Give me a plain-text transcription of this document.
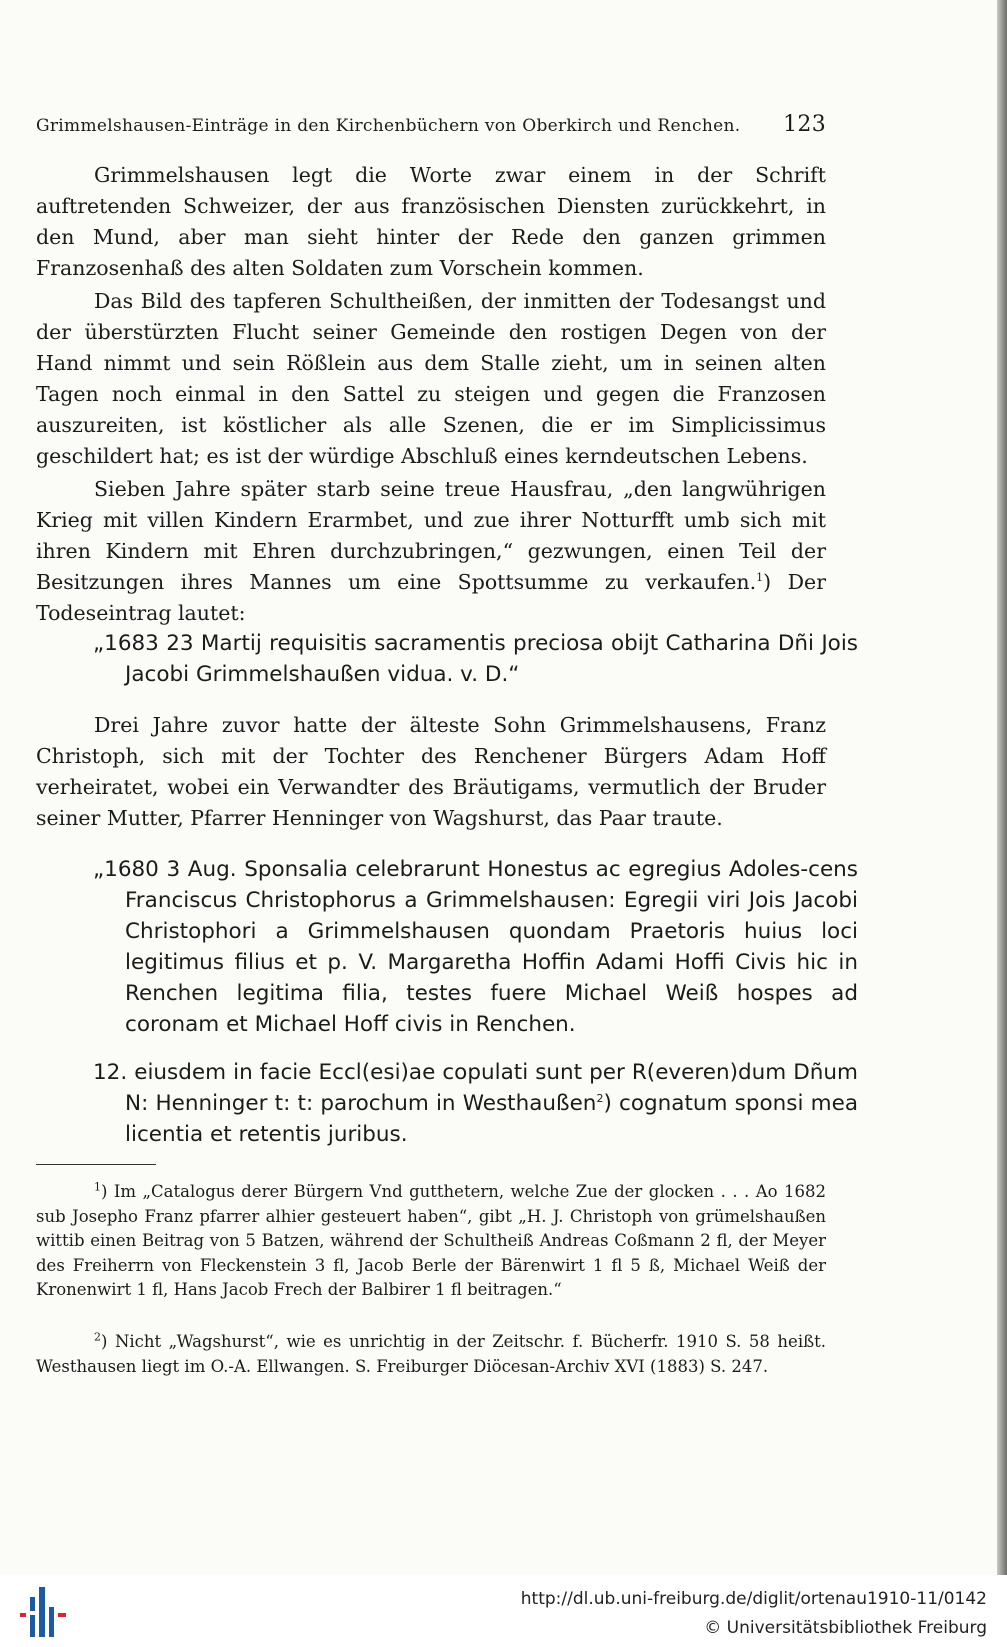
Grimmelshausen-Einträge in den Kirchenbüchern von Oberkirch und Renchen. 123

Grimmelshausen legt die Worte zwar einem in der Schrift auftretenden Schweizer, der aus französischen Diensten zurückkehrt, in den Mund, aber man sieht hinter der Rede den ganzen grimmen Franzosenhaß des alten Soldaten zum Vorschein kommen.

Das Bild des tapferen Schultheißen, der inmitten der Todesangst und der überstürzten Flucht seiner Gemeinde den rostigen Degen von der Hand nimmt und sein Rößlein aus dem Stalle zieht, um in seinen alten Tagen noch einmal in den Sattel zu steigen und gegen die Franzosen auszureiten, ist köstlicher als alle Szenen, die er im Simplicissimus geschildert hat; es ist der würdige Abschluß eines kerndeutschen Lebens.

Sieben Jahre später starb seine treue Hausfrau, „den langwührigen Krieg mit villen Kindern Erarmbet, und zue ihrer Notturfft umb sich mit ihren Kindern mit Ehren durchzubringen,“ gezwungen, einen Teil der Besitzungen ihres Mannes um eine Spottsumme zu verkaufen.$^1$) Der Todeseintrag lautet:

„1683 23 Martij requisitis sacramentis preciosa obijt Catharina Dñi Jois Jacobi Grimmelshaußen vidua. v. D.“

Drei Jahre zuvor hatte der älteste Sohn Grimmelshausens, Franz Christoph, sich mit der Tochter des Renchener Bürgers Adam Hoff verheiratet, wobei ein Verwandter des Bräutigams, vermutlich der Bruder seiner Mutter, Pfarrer Henninger von Wagshurst, das Paar traute.

„1680 3 Aug. Sponsalia celebrarunt Honestus ac egregius Adoles-cens Franciscus Christophorus a Grimmelshausen: Egregii viri Jois Jacobi Christophori a Grimmelshausen quondam Praetoris huius loci legitimus filius et p. V. Margaretha Hoffin Adami Hoffi Civis hic in Renchen legitima filia, testes fuere Michael Weiß hospes ad coronam et Michael Hoff civis in Renchen.

12. eiusdem in facie Eccl(esi)ae copulati sunt per R(everen)dum Dñum N: Henninger t: t: parochum in Westhaußen$^2$) cognatum sponsi mea licentia et retentis juribus.

$^1$) Im „Catalogus derer Bürgern Vnd gutthetern, welche Zue der glocken . . . Ao 1682 sub Josepho Franz pfarrer alhier gesteuert haben“, gibt „H. J. Christoph von grümelshaußen wittib einen Beitrag von 5 Batzen, während der Schultheiß Andreas Coßmann 2 fl, der Meyer des Freiherrn von Fleckenstein 3 fl, Jacob Berle der Bärenwirt 1 fl 5 ß, Michael Weiß der Kronenwirt 1 fl, Hans Jacob Frech der Balbirer 1 fl beitragen.“

$^2$) Nicht „Wagshurst“, wie es unrichtig in der Zeitschr. f. Bücherfr. 1910 S. 58 heißt. Westhausen liegt im O.-A. Ellwangen. S. Freiburger Diöcesan-Archiv XVI (1883) S. 247.

http://dl.ub.uni-freiburg.de/diglit/ortenau1910-11/0142
© Universitätsbibliothek Freiburg
